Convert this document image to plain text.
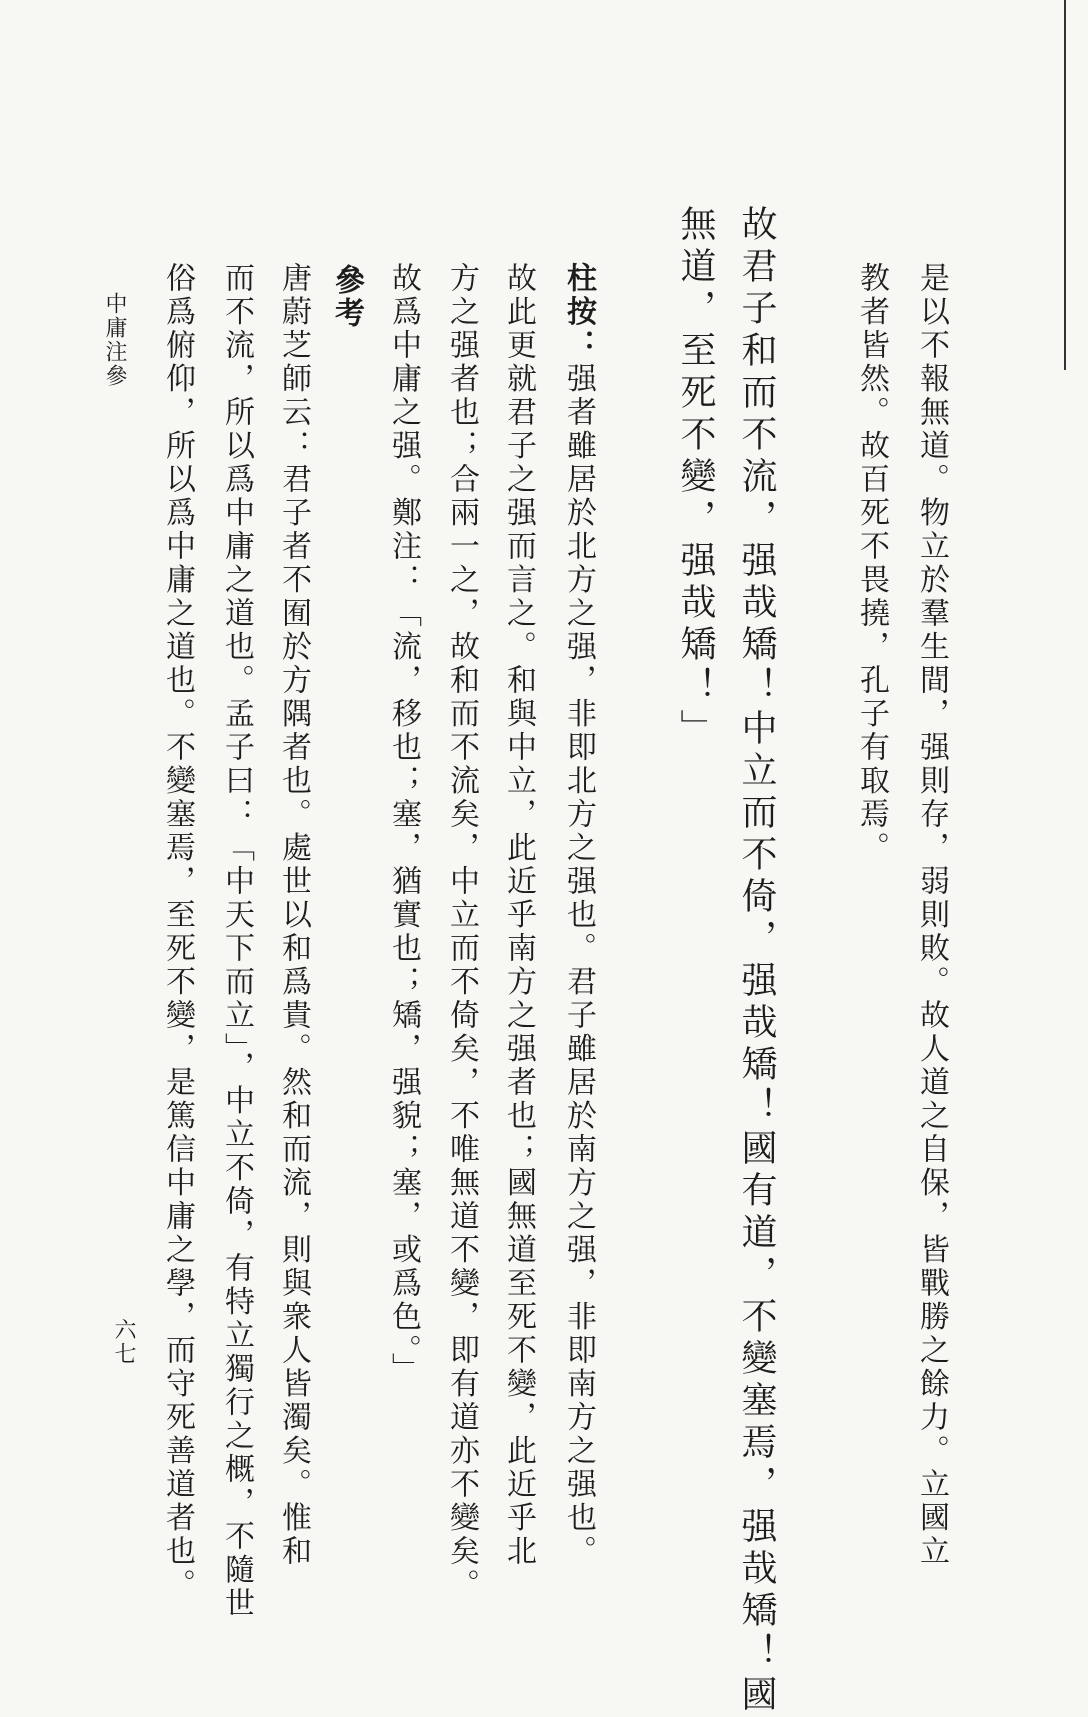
是以不報無道。物立於羣生間，强則存，弱則敗。故人道之自保，皆戰勝之餘力。立國立
教者皆然。故百死不畏撓，孔子有取焉。
故君子和而不流，强哉矯！中立而不倚，强哉矯！國有道，不變塞焉，强哉矯！國
無道，至死不變，强哉矯！」
柱按：强者雖居於北方之强，非即北方之强也。君子雖居於南方之强，非即南方之强也。
故此更就君子之强而言之。和與中立，此近乎南方之强者也；國無道至死不變，此近乎北
方之强者也；合兩一之，故和而不流矣，中立而不倚矣，不唯無道不變，即有道亦不變矣。
故爲中庸之强。鄭注：「流，移也；塞，猶實也；矯，强貌；塞，或爲色。」
參考
唐蔚芝師云：君子者不囿於方隅者也。處世以和爲貴。然和而流，則與衆人皆濁矣。惟和
而不流，所以爲中庸之道也。孟子曰：「中天下而立」，中立不倚，有特立獨行之概，不隨世
俗爲俯仰，所以爲中庸之道也。不變塞焉，至死不變，是篤信中庸之學，而守死善道者也。
中庸注參
六七
